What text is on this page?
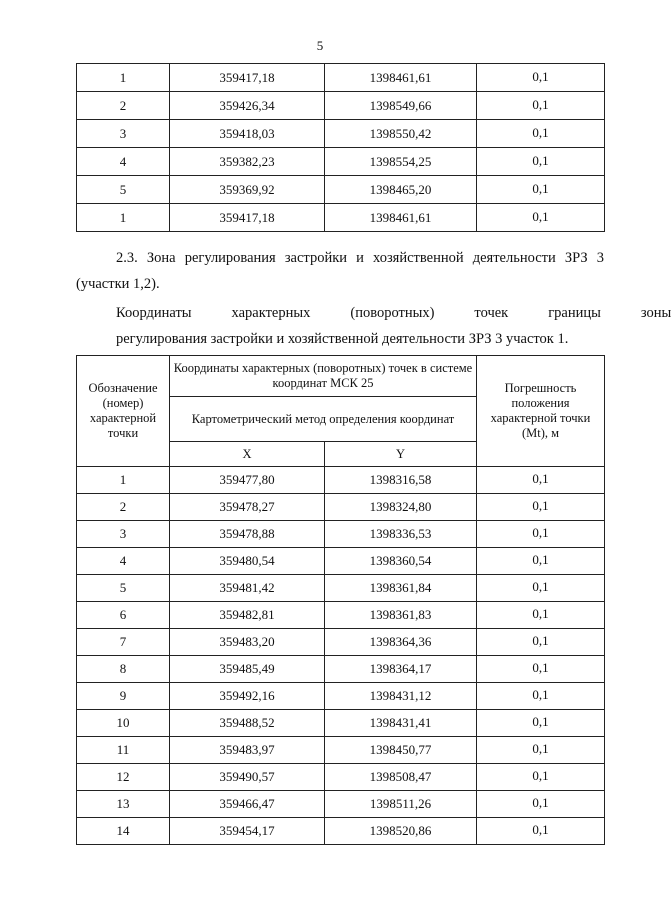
5
1	359417,18	1398461,61	0,1
2	359426,34	1398549,66	0,1
3	359418,03	1398550,42	0,1
4	359382,23	1398554,25	0,1
5	359369,92	1398465,20	0,1
1	359417,18	1398461,61	0,1
2.3. Зона регулирования застройки и хозяйственной деятельности ЗРЗ 3 (участки 1,2).
Координаты	характерных	(поворотных)	точек	границы	зоны
регулирования застройки и хозяйственной деятельности ЗРЗ 3 участок 1.
Обозначение (номер) характерной точки	Координаты характерных (поворотных) точек в системе координат МСК 25		Погрешность положения характерной точки (Mt), м
	Картометрический метод определения координат		
	X	Y	
1	359477,80	1398316,58	0,1
2	359478,27	1398324,80	0,1
3	359478,88	1398336,53	0,1
4	359480,54	1398360,54	0,1
5	359481,42	1398361,84	0,1
6	359482,81	1398361,83	0,1
7	359483,20	1398364,36	0,1
8	359485,49	1398364,17	0,1
9	359492,16	1398431,12	0,1
10	359488,52	1398431,41	0,1
11	359483,97	1398450,77	0,1
12	359490,57	1398508,47	0,1
13	359466,47	1398511,26	0,1
14	359454,17	1398520,86	0,1
